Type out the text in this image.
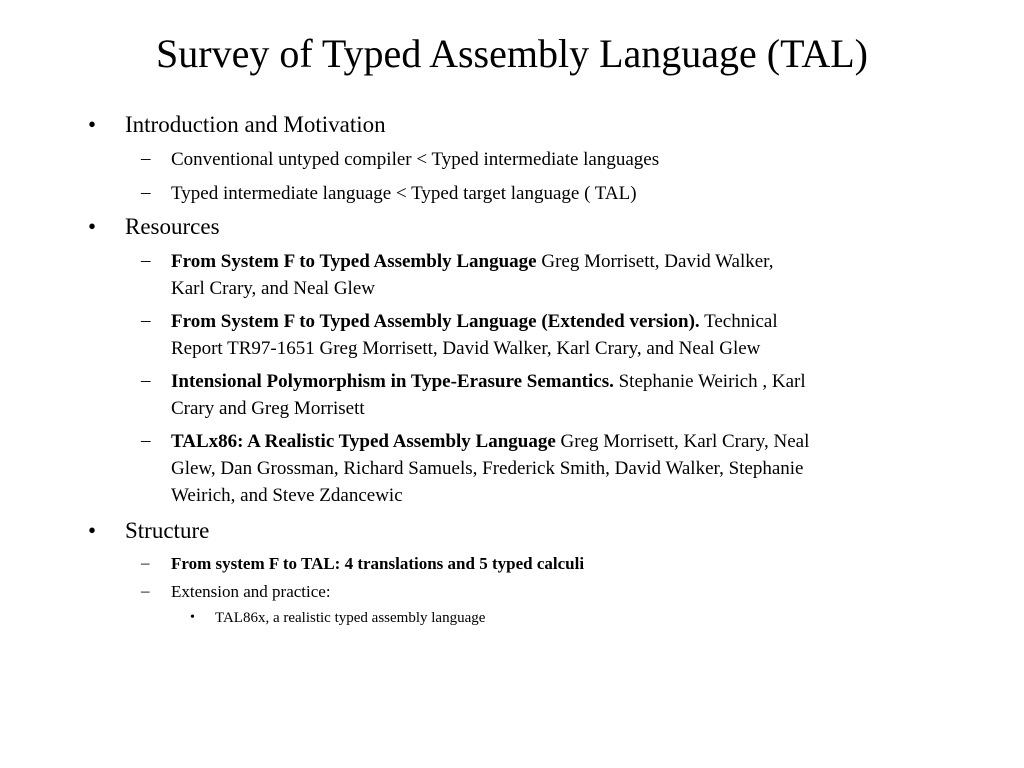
Survey of Typed Assembly Language (TAL)
• Introduction and Motivation
– Conventional untyped compiler < Typed intermediate languages
– Typed intermediate language < Typed target language ( TAL)
• Resources
– From System F to Typed Assembly Language Greg Morrisett, David Walker,
Karl Crary, and Neal Glew
– From System F to Typed Assembly Language (Extended version). Technical
Report TR97-1651 Greg Morrisett, David Walker, Karl Crary, and Neal Glew
– Intensional Polymorphism in Type-Erasure Semantics. Stephanie Weirich , Karl
Crary and Greg Morrisett
– TALx86: A Realistic Typed Assembly Language Greg Morrisett, Karl Crary, Neal
Glew, Dan Grossman, Richard Samuels, Frederick Smith, David Walker, Stephanie
Weirich, and Steve Zdancewic
• Structure
– From system F to TAL: 4 translations and 5 typed calculi
– Extension and practice:
• TAL86x, a realistic typed assembly language
